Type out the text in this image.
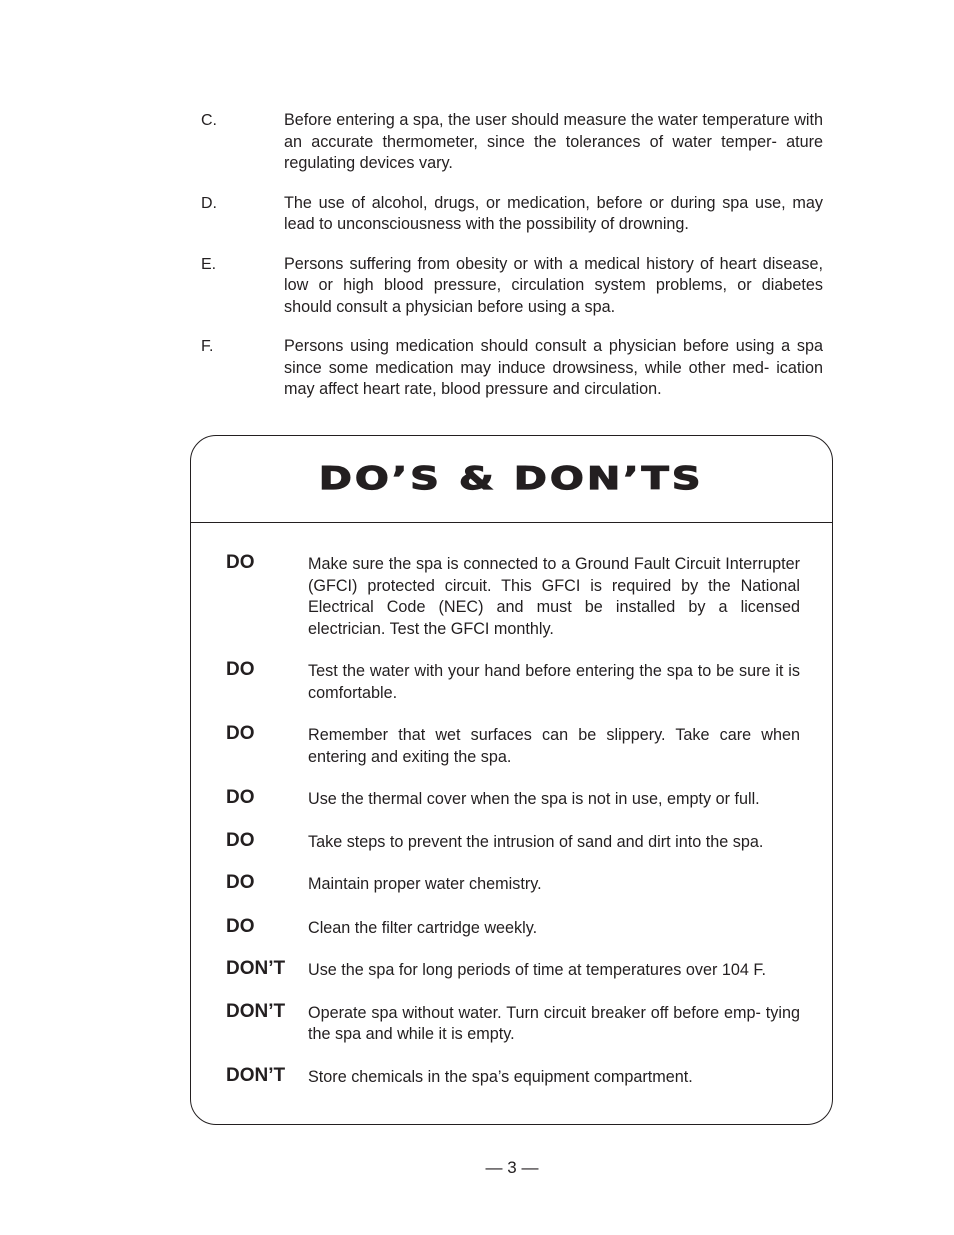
C.	Before entering a spa, the user should measure the water temperature with an accurate thermometer, since the tolerances of water temper- ature regulating devices vary.
D.	The use of alcohol, drugs, or medication, before or during spa use, may lead to unconsciousness with the possibility of drowning.
E.	Persons suffering from obesity or with a medical history of heart disease, low or high blood pressure, circulation system problems, or diabetes should consult a physician before using a spa.
F.	Persons using medication should consult a physician before using a spa since some medication may induce drowsiness, while other med- ication may affect heart rate, blood pressure and circulation.
DO’S & DON’TS
DO	Make sure the spa is connected to a Ground Fault Circuit Interrupter (GFCI) protected circuit. This GFCI is required by the National Electrical Code (NEC) and must be installed by a licensed electrician. Test the GFCI monthly.
DO	Test the water with your hand before entering the spa to be sure it is comfortable.
DO	Remember that wet surfaces can be slippery. Take care when entering and exiting the spa.
DO	Use the thermal cover when the spa is not in use, empty or full.
DO	Take steps to prevent the intrusion of sand and dirt into the spa.
DO	Maintain proper water chemistry.
DO	Clean the filter cartridge weekly.
DON’T	Use the spa for long periods of time at temperatures over 104 F.
DON’T	Operate spa without water. Turn circuit breaker off before emp- tying the spa and while it is empty.
DON’T	Store chemicals in the spa’s equipment compartment.
— 3 —
